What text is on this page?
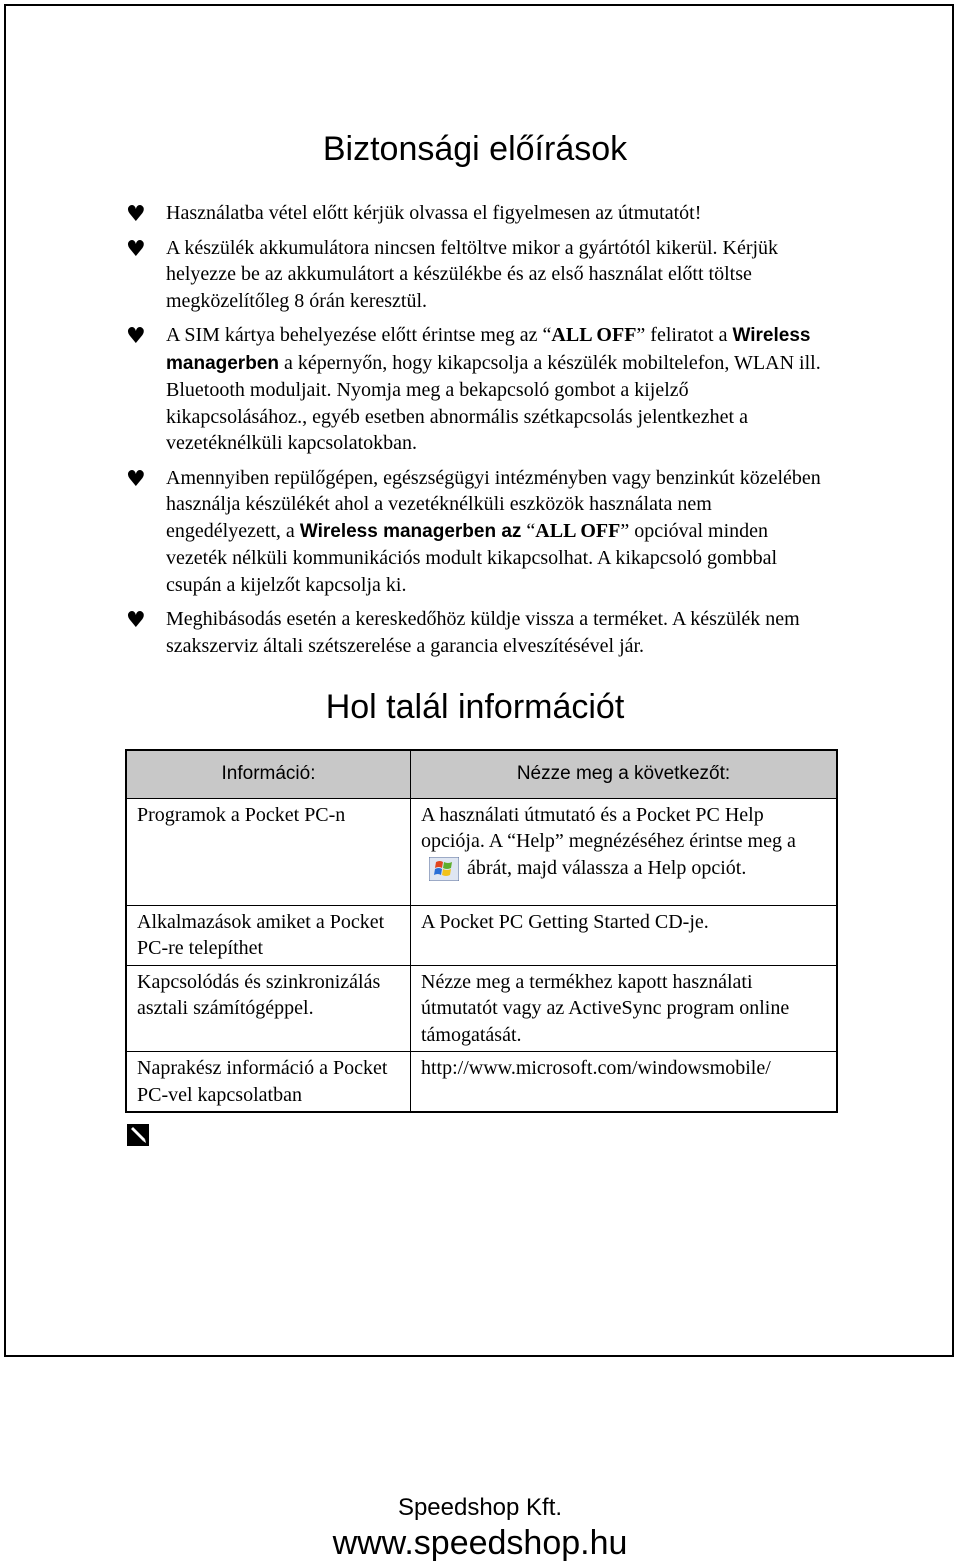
Biztonsági előírások
♥ Használatba vétel előtt kérjük olvassa el figyelmesen az útmutatót!
♥ A készülék akkumulátora nincsen feltöltve mikor a gyártótól kikerül. Kérjük helyezze be az akkumulátort a készülékbe és az első használat előtt töltse megközelítőleg 8 órán keresztül.
♥ A SIM kártya behelyezése előtt érintse meg az “ALL OFF” feliratot a Wireless managerben a képernyőn, hogy kikapcsolja a készülék mobiltelefon, WLAN ill. Bluetooth moduljait. Nyomja meg a bekapcsoló gombot a kijelző kikapcsolásához., egyéb esetben abnormális szétkapcsolás jelentkezhet a vezetéknélküli kapcsolatokban.
♥ Amennyiben repülőgépen, egészségügyi intézményben vagy benzinkút közelében használja készülékét ahol a vezetéknélküli eszközök használata nem engedélyezett, a Wireless managerben az “ALL OFF” opcióval minden vezeték nélküli kommunikációs modult kikapcsolhat. A kikapcsoló gombbal csupán a kijelzőt kapcsolja ki.
♥ Meghibásodás esetén a kereskedőhöz küldje vissza a terméket. A készülék nem szakszerviz általi szétszerelése a garancia elveszítésével jár.
Hol talál információt
Információ:	Nézze meg a következőt:
Programok a Pocket PC-n	A használati útmutató és a Pocket PC Help opciója. A “Help” megnézéséhez érintse meg aábrát, majd válassza a Help opciót.
Alkalmazások amiket a Pocket PC-re telepíthet	A Pocket PC Getting Started CD-je.
Kapcsolódás és szinkronizálás asztali számítógéppel.	Nézze meg a termékhez kapott használati útmutatót vagy az ActiveSync program online támogatását.
Naprakész információ a Pocket PC-vel kapcsolatban	http://www.microsoft.com/windowsmobile/
Speedshop Kft.
www.speedshop.hu
